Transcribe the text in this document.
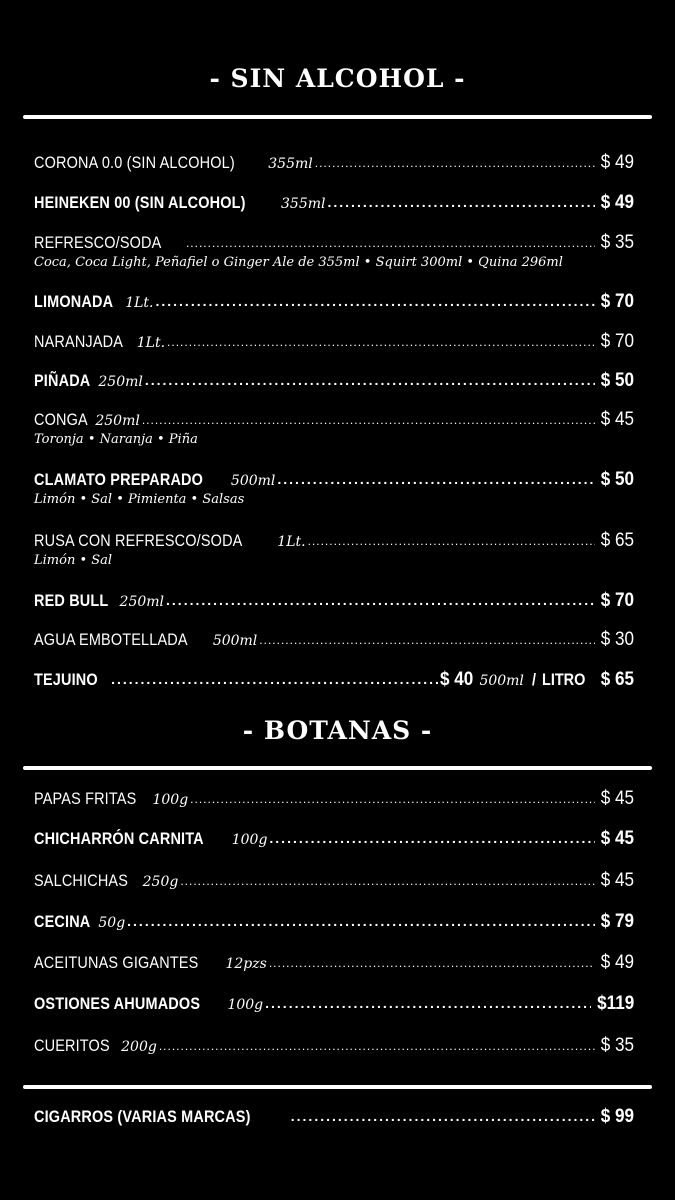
- SIN ALCOHOL -
CORONA 0.0 (SIN ALCOHOL) 355ml .....	$ 49
HEINEKEN 00 (SIN ALCOHOL)	355ml .....	$ 49
REFRESCO/SODA .....	$ 35
Coca, Coca Light, Peñafiel o Ginger Ale de 355ml • Squirt 300ml • Quina 296ml
LIMONADA 1Lt. .....	$ 70
NARANJADA 1Lt. .....	$ 70
PIÑADA 250ml .....	$ 50
CONGA 250ml .....	$ 45
Toronja • Naranja • Piña
CLAMATO PREPARADO 500ml .....	$ 50
Limón • Sal • Pimienta • Salsas
RUSA CON REFRESCO/SODA 1Lt. .....	$ 65
Limón • Sal
RED BULL 250ml .....	$ 70
AGUA EMBOTELLADA 500ml .....	$ 30
TEJUINO .....	$ 40 500ml / LITRO $ 65
- BOTANAS -
PAPAS FRITAS 100g .....	$ 45
CHICHARRÓN CARNITA 100g .....	$ 45
SALCHICHAS 250g .....	$ 45
CECINA 50g .....	$ 79
ACEITUNAS GIGANTES 12pzs .....	$ 49
OSTIONES AHUMADOS 100g .....	$119
CUERITOS 200g .....	$ 35
CIGARROS (VARIAS MARCAS) .....	$ 99
